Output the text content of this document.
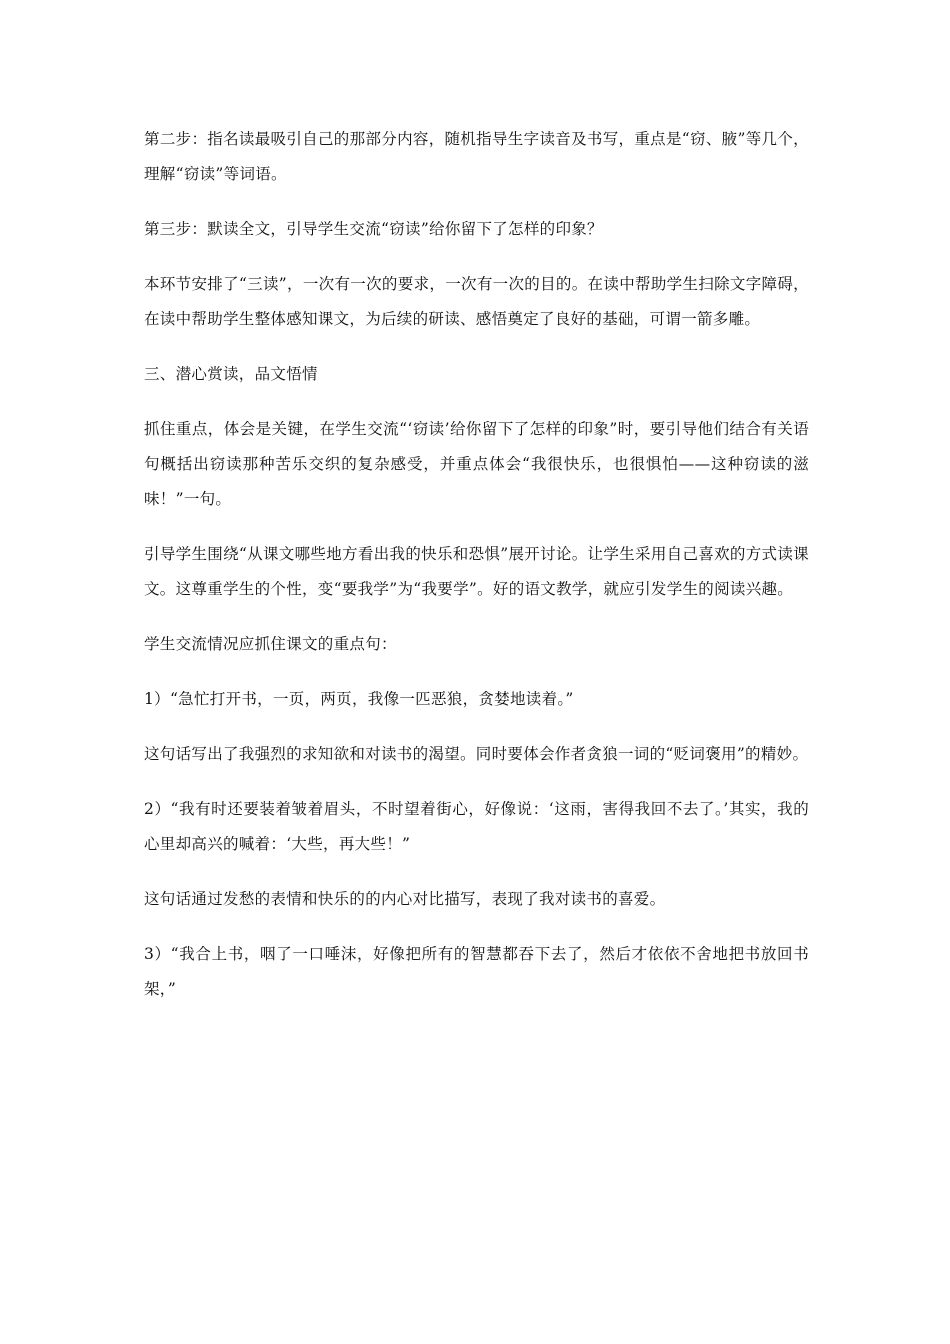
第二步：指名读最吸引自己的那部分内容，随机指导生字读音及书写，重点是“窃、腋”等几个，理解“窃读”等词语。

第三步：默读全文，引导学生交流“窃读”给你留下了怎样的印象？

本环节安排了“三读”，一次有一次的要求，一次有一次的目的。在读中帮助学生扫除文字障碍，在读中帮助学生整体感知课文，为后续的研读、感悟奠定了良好的基础，可谓一箭多雕。

三、潜心赏读，品文悟情

抓住重点，体会是关键，在学生交流“‘窃读’给你留下了怎样的印象”时，要引导他们结合有关语句概括出窃读那种苦乐交织的复杂感受，并重点体会“我很快乐，也很惧怕——这种窃读的滋味！”一句。

引导学生围绕“从课文哪些地方看出我的快乐和恐惧”展开讨论。让学生采用自己喜欢的方式读课文。这尊重学生的个性，变“要我学”为“我要学”。好的语文教学，就应引发学生的阅读兴趣。

学生交流情况应抓住课文的重点句：

1）“急忙打开书，一页，两页，我像一匹恶狼，贪婪地读着。”

这句话写出了我强烈的求知欲和对读书的渴望。同时要体会作者贪狼一词的“贬词褒用”的精妙。

2）“我有时还要装着皱着眉头，不时望着街心，好像说：‘这雨，害得我回不去了。’其实，我的心里却高兴的喊着：‘大些，再大些！”

这句话通过发愁的表情和快乐的的内心对比描写，表现了我对读书的喜爱。

3）“我合上书，咽了一口唾沫，好像把所有的智慧都吞下去了，然后才依依不舍地把书放回书架，”
